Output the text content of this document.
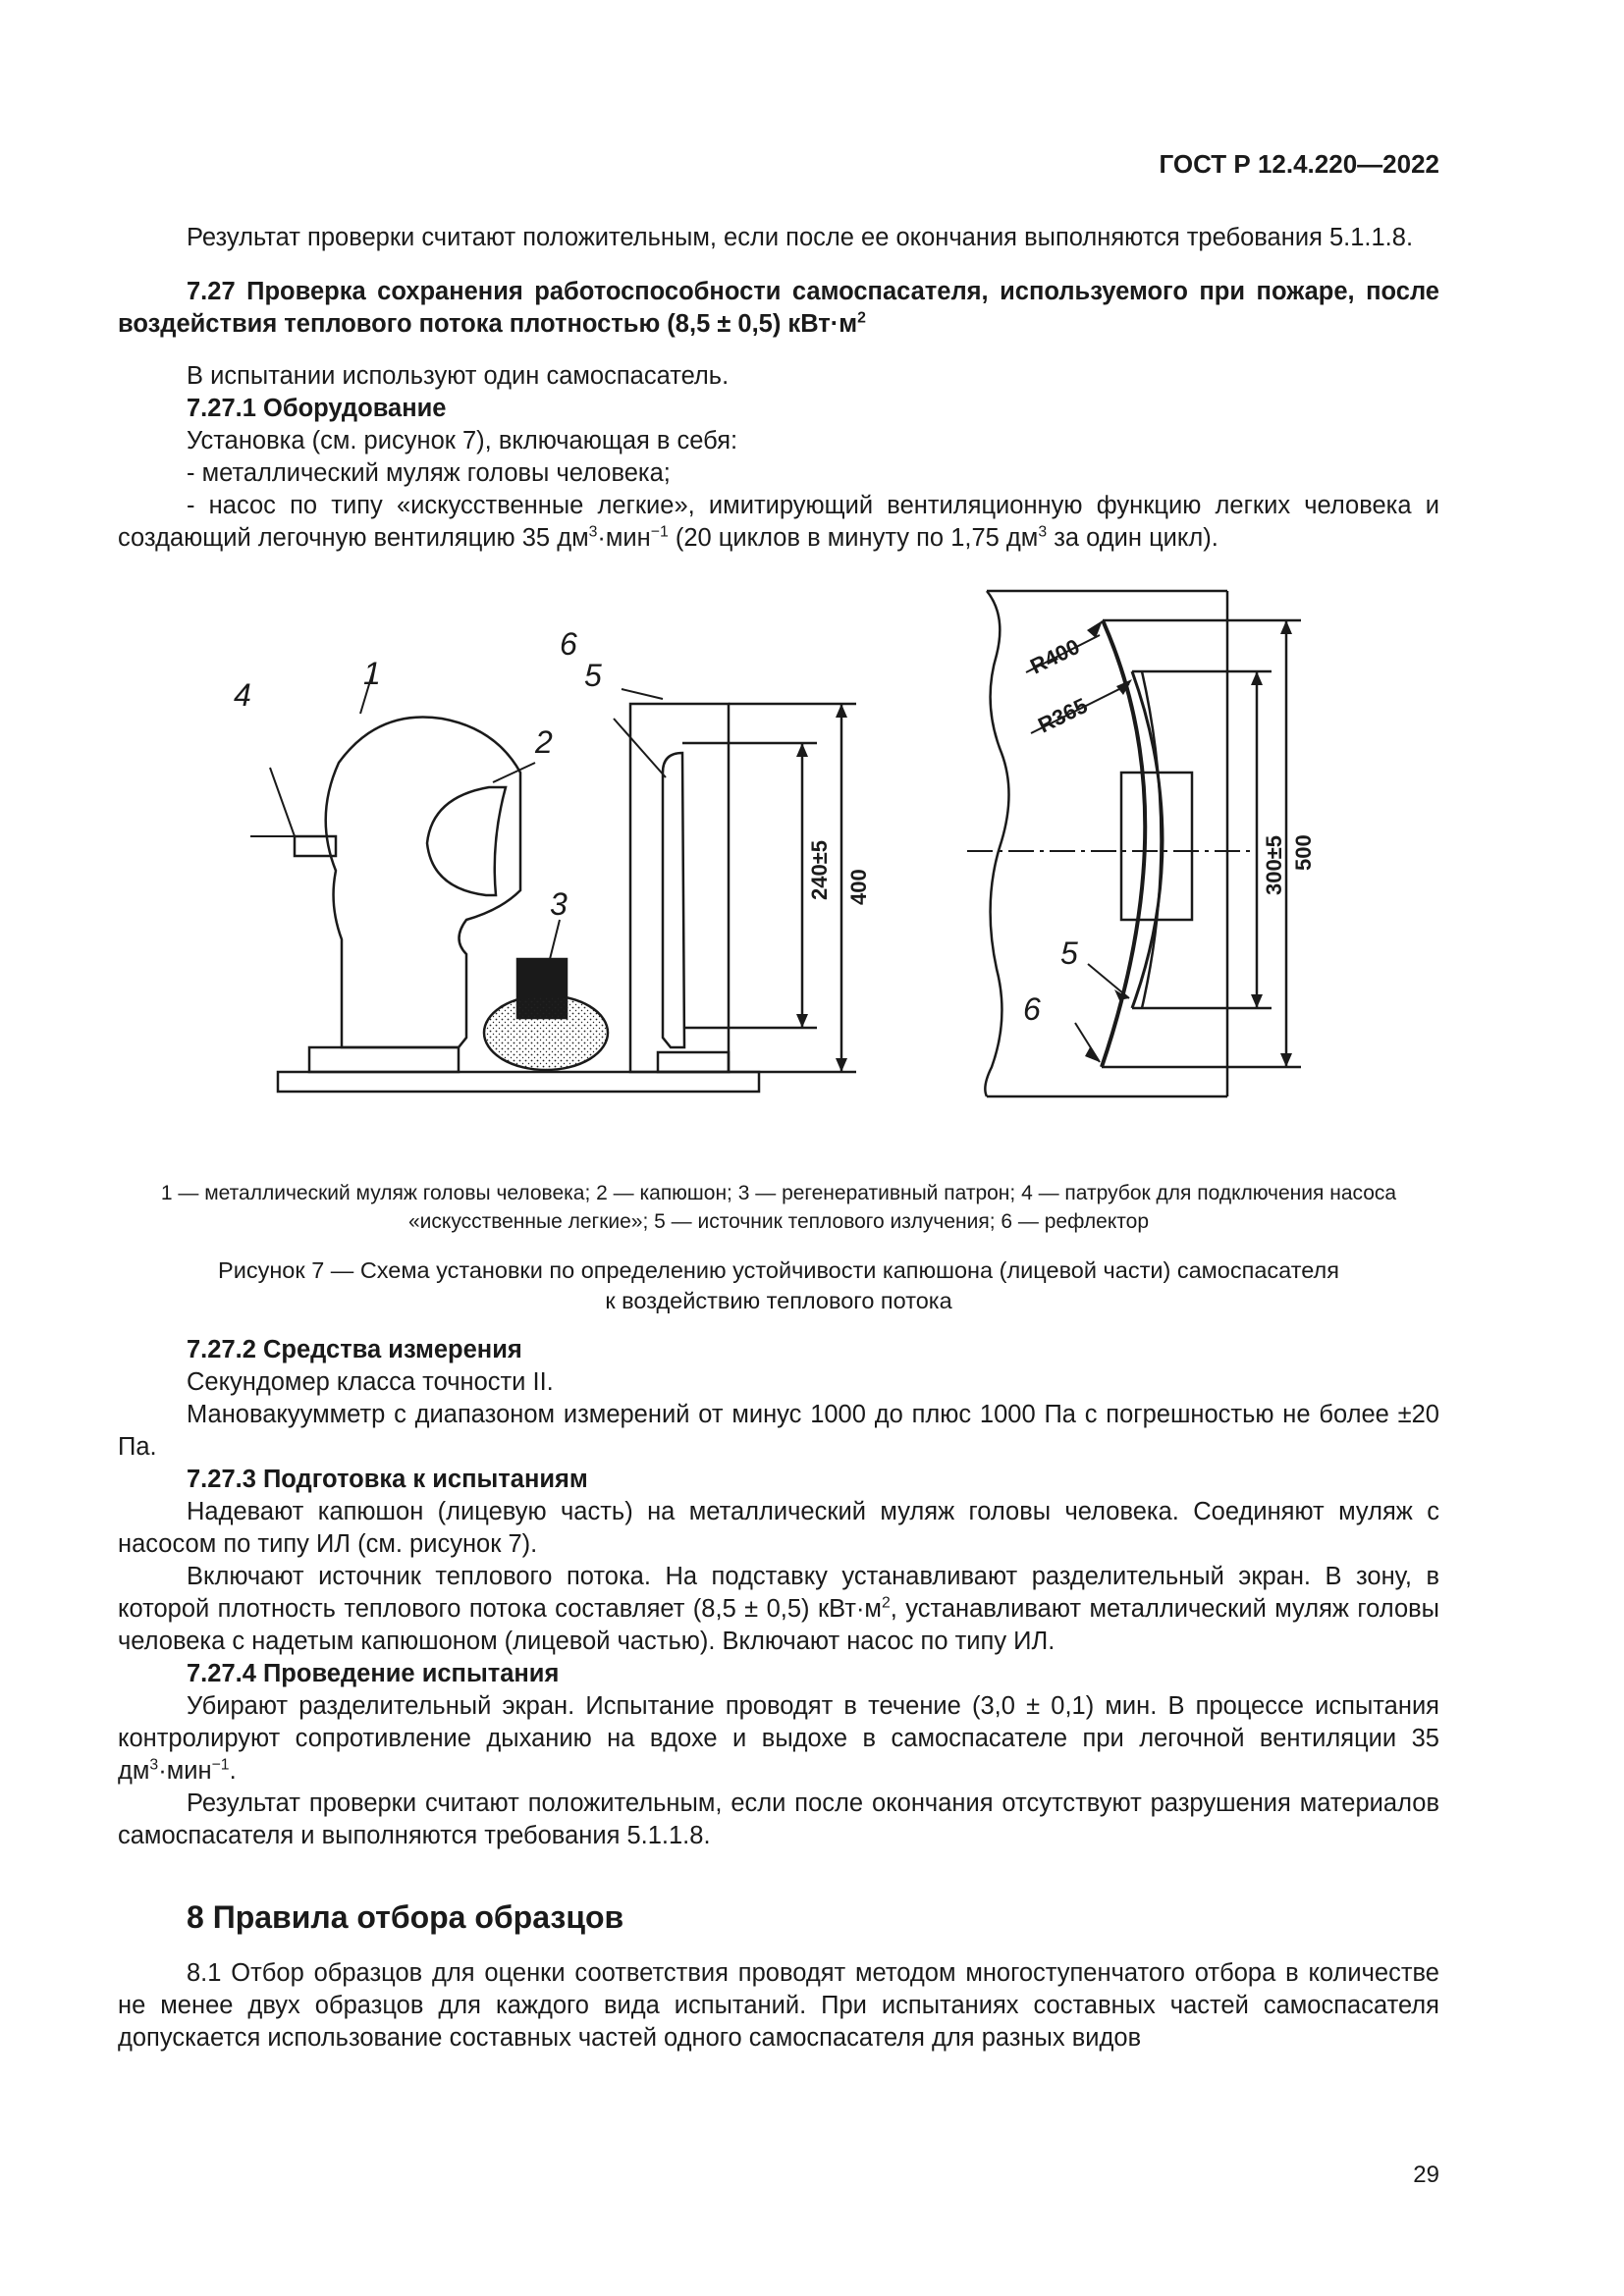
ГОСТ Р 12.4.220—2022

Результат проверки считают положительным, если после ее окончания выполняются требования 5.1.1.8.

7.27 Проверка сохранения работоспособности самоспасателя, используемого при пожаре, после воздействия теплового потока плотностью (8,5 ± 0,5) $кВт\cdot м^2$

В испытании используют один самоспасатель.

7.27.1 Оборудование

Установка (см. рисунок 7), включающая в себя:

- металлический муляж головы человека;

- насос по типу «искусственные легкие», имитирующий вентиляционную функцию легких человека и создающий легочную вентиляцию 35 $дм^3\cdot мин^{-1}$ (20 циклов в минуту по 1,75 $дм^3$ за один цикл).

1
2
3
4
5
6
5
6
240±5 400	300±5 500
R400
R365

1 — металлический муляж головы человека; 2 — капюшон; 3 — регенеративный патрон; 4 — патрубок для подключения насоса «искусственные легкие»; 5 — источник теплового излучения; 6 — рефлектор

Рисунок 7 — Схема установки по определению устойчивости капюшона (лицевой части) самоспасателя
к воздействию теплового потока

7.27.2 Средства измерения

Секундомер класса точности II.

Мановакуумметр с диапазоном измерений от минус 1000 до плюс 1000 Па с погрешностью не более ±20 Па.

7.27.3 Подготовка к испытаниям

Надевают капюшон (лицевую часть) на металлический муляж головы человека. Соединяют муляж с насосом по типу ИЛ (см. рисунок 7).

Включают источник теплового потока. На подставку устанавливают разделительный экран. В зону, в которой плотность теплового потока составляет (8,5 ± 0,5) $кВт\cdot м^2$, устанавливают металлический муляж головы человека с надетым капюшоном (лицевой частью). Включают насос по типу ИЛ.

7.27.4 Проведение испытания

Убирают разделительный экран. Испытание проводят в течение (3,0 ± 0,1) мин. В процессе испытания контролируют сопротивление дыханию на вдохе и выдохе в самоспасателе при легочной вентиляции 35 $дм^3\cdot мин^{-1}$.

Результат проверки считают положительным, если после окончания отсутствуют разрушения материалов самоспасателя и выполняются требования 5.1.1.8.

8 Правила отбора образцов

8.1 Отбор образцов для оценки соответствия проводят методом многоступенчатого отбора в количестве не менее двух образцов для каждого вида испытаний. При испытаниях составных частей самоспасателя допускается использование составных частей одного самоспасателя для разных видов

29
